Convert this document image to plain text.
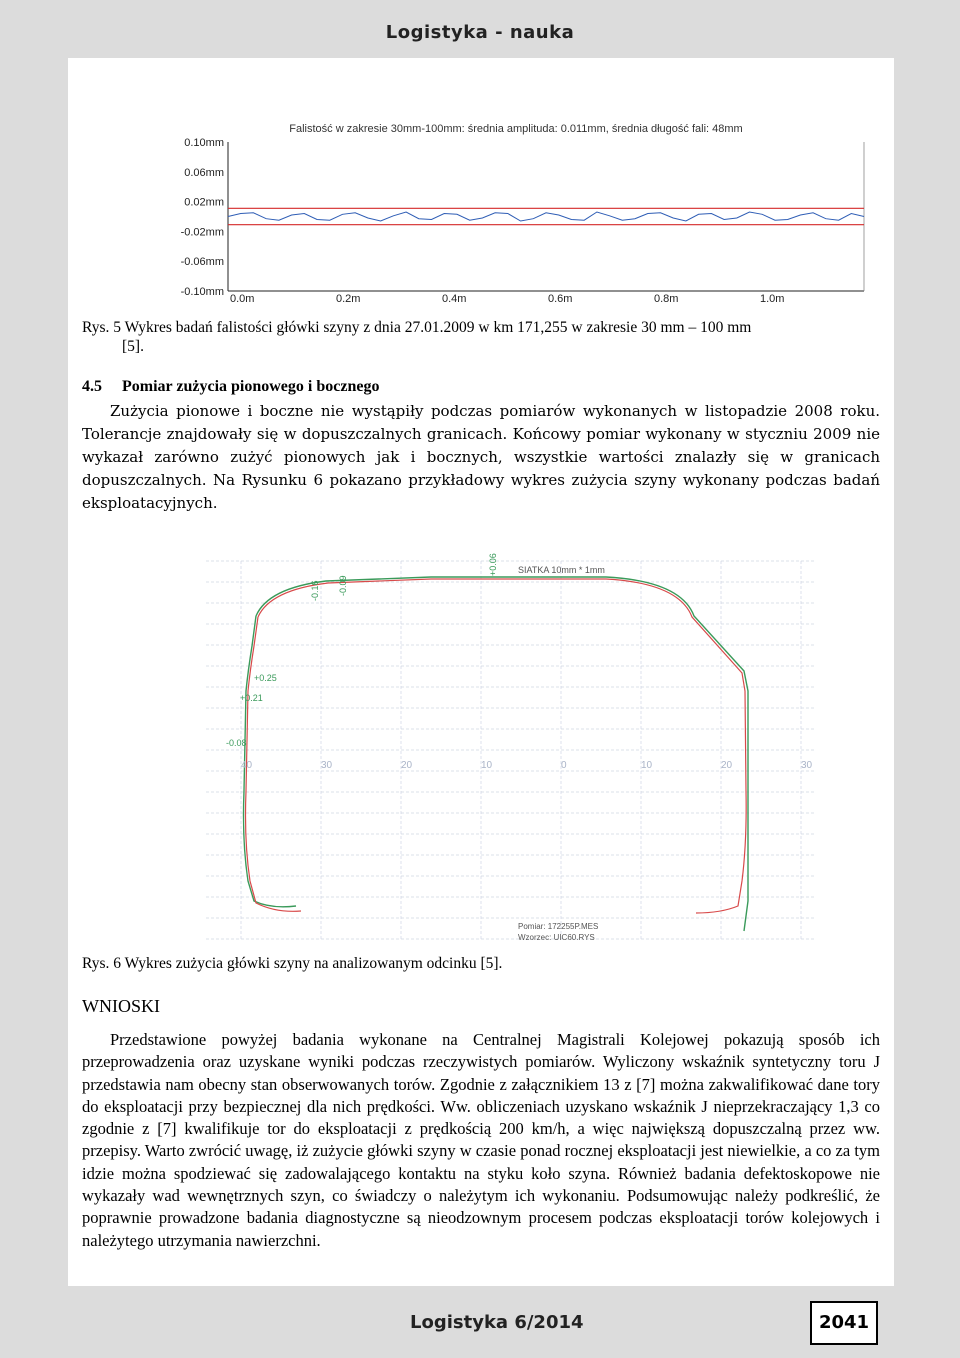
Logistyka - nauka
Falistość w zakresie 30mm-100mm: średnia amplituda: 0.011mm, średnia długość fali: 48mm
0.10mm
0.06mm
0.02mm
-0.02mm
-0.06mm
-0.10mm
0.0m	0.2m	0.4m	0.6m	0.8m	1.0m
Rys. 5 Wykres badań falistości główki szyny z dnia 27.01.2009 w km 171,255 w zakresie 30 mm – 100 mm
[5].
4.5 Pomiar zużycia pionowego i bocznego

Zużycia pionowe i boczne nie wystąpiły podczas pomiarów wykonanych w listopadzie 2008 roku. Tolerancje znajdowały się w dopuszczalnych granicach. Końcowy pomiar wykonany w styczniu 2009 nie wykazał zarówno zużyć pionowych jak i bocznych, wszystkie wartości znalazły się w granicach dopuszczalnych. Na Rysunku 6 pokazano przykładowy wykres zużycia szyny wykonany podczas badań eksploatacyjnych.

SIATKA 10mm * 1mm
+0.06
-0.16 -0.09
+0.25
+0.21
-0.08
Pomiar: 172255P.MES
Wzorzec: UIC60.RYS
40	30	20	10	0	10	20	30
Rys. 6 Wykres zużycia główki szyny na analizowanym odcinku [5].
WNIOSKI

Przedstawione powyżej badania wykonane na Centralnej Magistrali Kolejowej pokazują sposób ich przeprowadzenia oraz uzyskane wyniki podczas rzeczywistych pomiarów. Wyliczony wskaźnik syntetyczny toru J przedstawia nam obecny stan obserwowanych torów. Zgodnie z załącznikiem 13 z [7] można zakwalifikować dane tory do eksploatacji przy bezpiecznej dla nich prędkości. Ww. obliczeniach uzyskano wskaźnik J nieprzekraczający 1,3 co zgodnie z [7] kwalifikuje tor do eksploatacji z prędkością 200 km/h, a więc największą dopuszczalną przez ww. przepisy. Warto zwrócić uwagę, iż zużycie główki szyny w czasie ponad rocznej eksploatacji jest niewielkie, a co za tym idzie można spodziewać się zadowalającego kontaktu na styku koło szyna. Również badania defektoskopowe nie wykazały wad wewnętrznych szyn, co świadczy o należytym ich wykonaniu. Podsumowując należy podkreślić, że poprawnie prowadzone badania diagnostyczne są nieodzownym procesem podczas eksploatacji torów kolejowych i należytego utrzymania nawierzchni.

Logistyka 6/2014	2041
